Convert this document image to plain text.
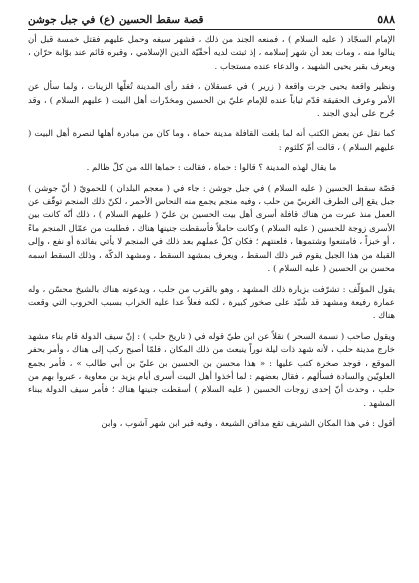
٥٨٨
قصة سقط الحسين (ع) في جبل جوشن

الإمام السجّاد ( عليه السلام ) ، فمنعه الجند من ذلك ، فشهر سيفه وحمل عليهم فقتل خمسة قبل أن ينالوا منه ، ومات بعد أن شهر إسلامه ، إذ ثبتت لديه أحقّيّة الدين الإسلامي ، وقبره قائم عند بوّابة حرّان ، ويعرف بقبر يحيى الشهيد ، والدعاء عنده مستجاب .

ونظير واقعة يحيى جرت واقعة ( زرير ) في عسقلان ، فقد رأى المدينة تُغلّها الزينات ، ولما سأل عن الأمر وعرف الحقيقة قدّم ثياباً عنده للإمام عليّ بن الحسين ومخدّرات أهل البيت ( عليهم السلام ) ، وقد جُرح على أيدي الجند .

كما نقل عن بعض الكتب أنه لما بلغت القافلة مدينة حماة ، وما كان من مبادرة أهلها لنصرة أهل البيت ( عليهم السلام ) ، قالت أمّ كلثوم :

ما يقال لهذه المدينة ؟ قالوا : حماة ، فقالت : حماها الله من كلّ ظالم .

قصّة سقط الحسين ( عليه السلام ) في جبل جوشن : جاء في ( معجم البلدان ) للحمويّ ( أنّ جوشن ) جبل يقع إلى الطرف الغربيّ من حلب ، وفيه منجم يجمع منه النحاس الأحمر ، لكنّ ذلك المنجم توقّف عن العمل منذ عبرت من هناك قافلة أسرى أهل بيت الحسين بن عليّ ( عليهم السلام ) ، ذلك أنّه كانت بين الأسرى زوجة للحسين ( عليه السلام ) وكانت حاملاً فأسقطت جنينها هناك ، فطلبت من عمّال المنجم ماءً ، أو خبزاً ، فامتنعوا وشتموها ، فلعنتهم ؛ فكان كلّ عملهم بعد ذلك في المنجم لا يأتي بفائدة أو نفع ، وإلى القبلة من هذا الجبل يقوم قبر ذلك السقط ، ويعرف بمشهد السقط ، ومشهد الدكّة ، وذلك السقط اسمه محسن بن الحسين ( عليه السلام ) .

يقول المؤلّف : تشرّفت بزيارة ذلك المشهد ، وهو بالقرب من حلب ، ويدعونه هناك بالشيخ محسّن ، وله عمارة رفيعة ومشهد قد شُيّد على صخور كبيرة ، لكنه فعلاً عدا عليه الخراب بسبب الحروب التي وقعت هناك .

ويقول صاحب ( نسمة السحر ) نقلاً عن ابن طيّ قوله في ( تاريخ حلب ) : إنّ سيف الدولة قام بناء مشهد خارج مدينة حلب ، لأنه شهد ذات ليلة نوراً ينبعث من ذلك المكان ، فلمّا أصبح ركب إلى هناك ، وأمر بحفر الموقع ، فوجد صخرة كتب عليها : « هذا محسن بن الحسين بن عليّ بن أبي طالب » ، فأمر بجمع العلويّين والسادة فسألهم ، فقال بعضهم : لما أخذوا أهل البيت أسرى أيام يزيد بن معاوية ، عبروا بهم من حلب ، وحدث أنّ إحدى زوجات الحسين ( عليه السلام ) أسقطت جنينها هناك ؛ فأمر سيف الدولة ببناء المشهد .

أقول : في هذا المكان الشريف تقع مدافن الشيعة ، وفيه قبر ابن شهر آشوب ، وابن
